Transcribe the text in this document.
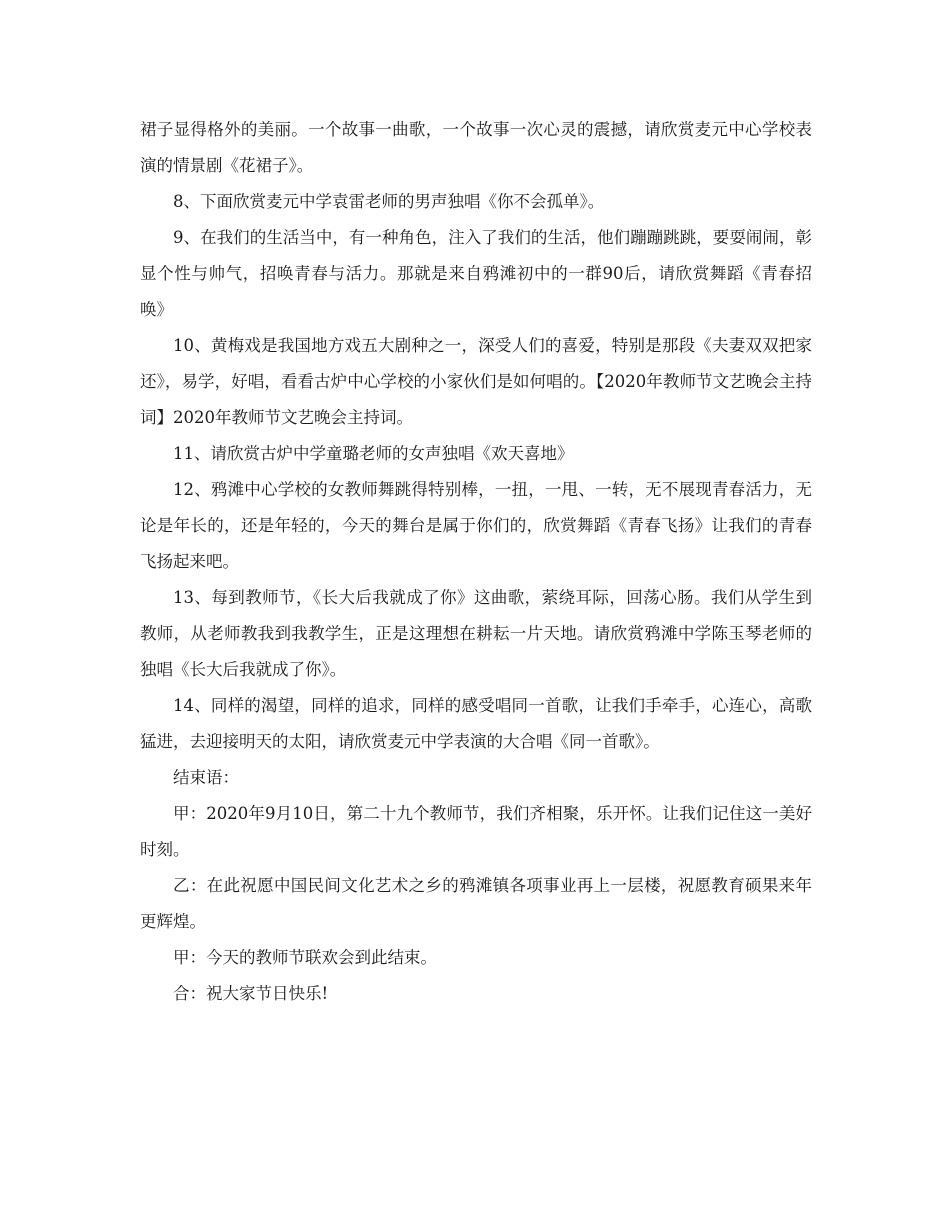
裙子显得格外的美丽。一个故事一曲歌，一个故事一次心灵的震撼，请欣赏麦元中心学校表演的情景剧《花裙子》。

8、下面欣赏麦元中学袁雷老师的男声独唱《你不会孤单》。

9、在我们的生活当中，有一种角色，注入了我们的生活，他们蹦蹦跳跳，要耍闹闹，彰显个性与帅气，招唤青春与活力。那就是来自鸦滩初中的一群90后，请欣赏舞蹈《青春招唤》

10、黄梅戏是我国地方戏五大剧种之一，深受人们的喜爱，特别是那段《夫妻双双把家还》，易学，好唱，看看古炉中心学校的小家伙们是如何唱的。【2020年教师节文艺晚会主持词】2020年教师节文艺晚会主持词。

11、请欣赏古炉中学童璐老师的女声独唱《欢天喜地》

12、鸦滩中心学校的女教师舞跳得特别棒，一扭，一甩、一转，无不展现青春活力，无论是年长的，还是年轻的，今天的舞台是属于你们的，欣赏舞蹈《青春飞扬》让我们的青春飞扬起来吧。

13、每到教师节，《长大后我就成了你》这曲歌，萦绕耳际，回荡心肠。我们从学生到教师，从老师教我到我教学生，正是这理想在耕耘一片天地。请欣赏鸦滩中学陈玉琴老师的独唱《长大后我就成了你》。

14、同样的渴望，同样的追求，同样的感受唱同一首歌，让我们手牵手，心连心，高歌猛进，去迎接明天的太阳，请欣赏麦元中学表演的大合唱《同一首歌》。

结束语：

甲：2020年9月10日，第二十九个教师节，我们齐相聚，乐开怀。让我们记住这一美好时刻。

乙：在此祝愿中国民间文化艺术之乡的鸦滩镇各项事业再上一层楼，祝愿教育硕果来年更辉煌。

甲：今天的教师节联欢会到此结束。

合：祝大家节日快乐!
